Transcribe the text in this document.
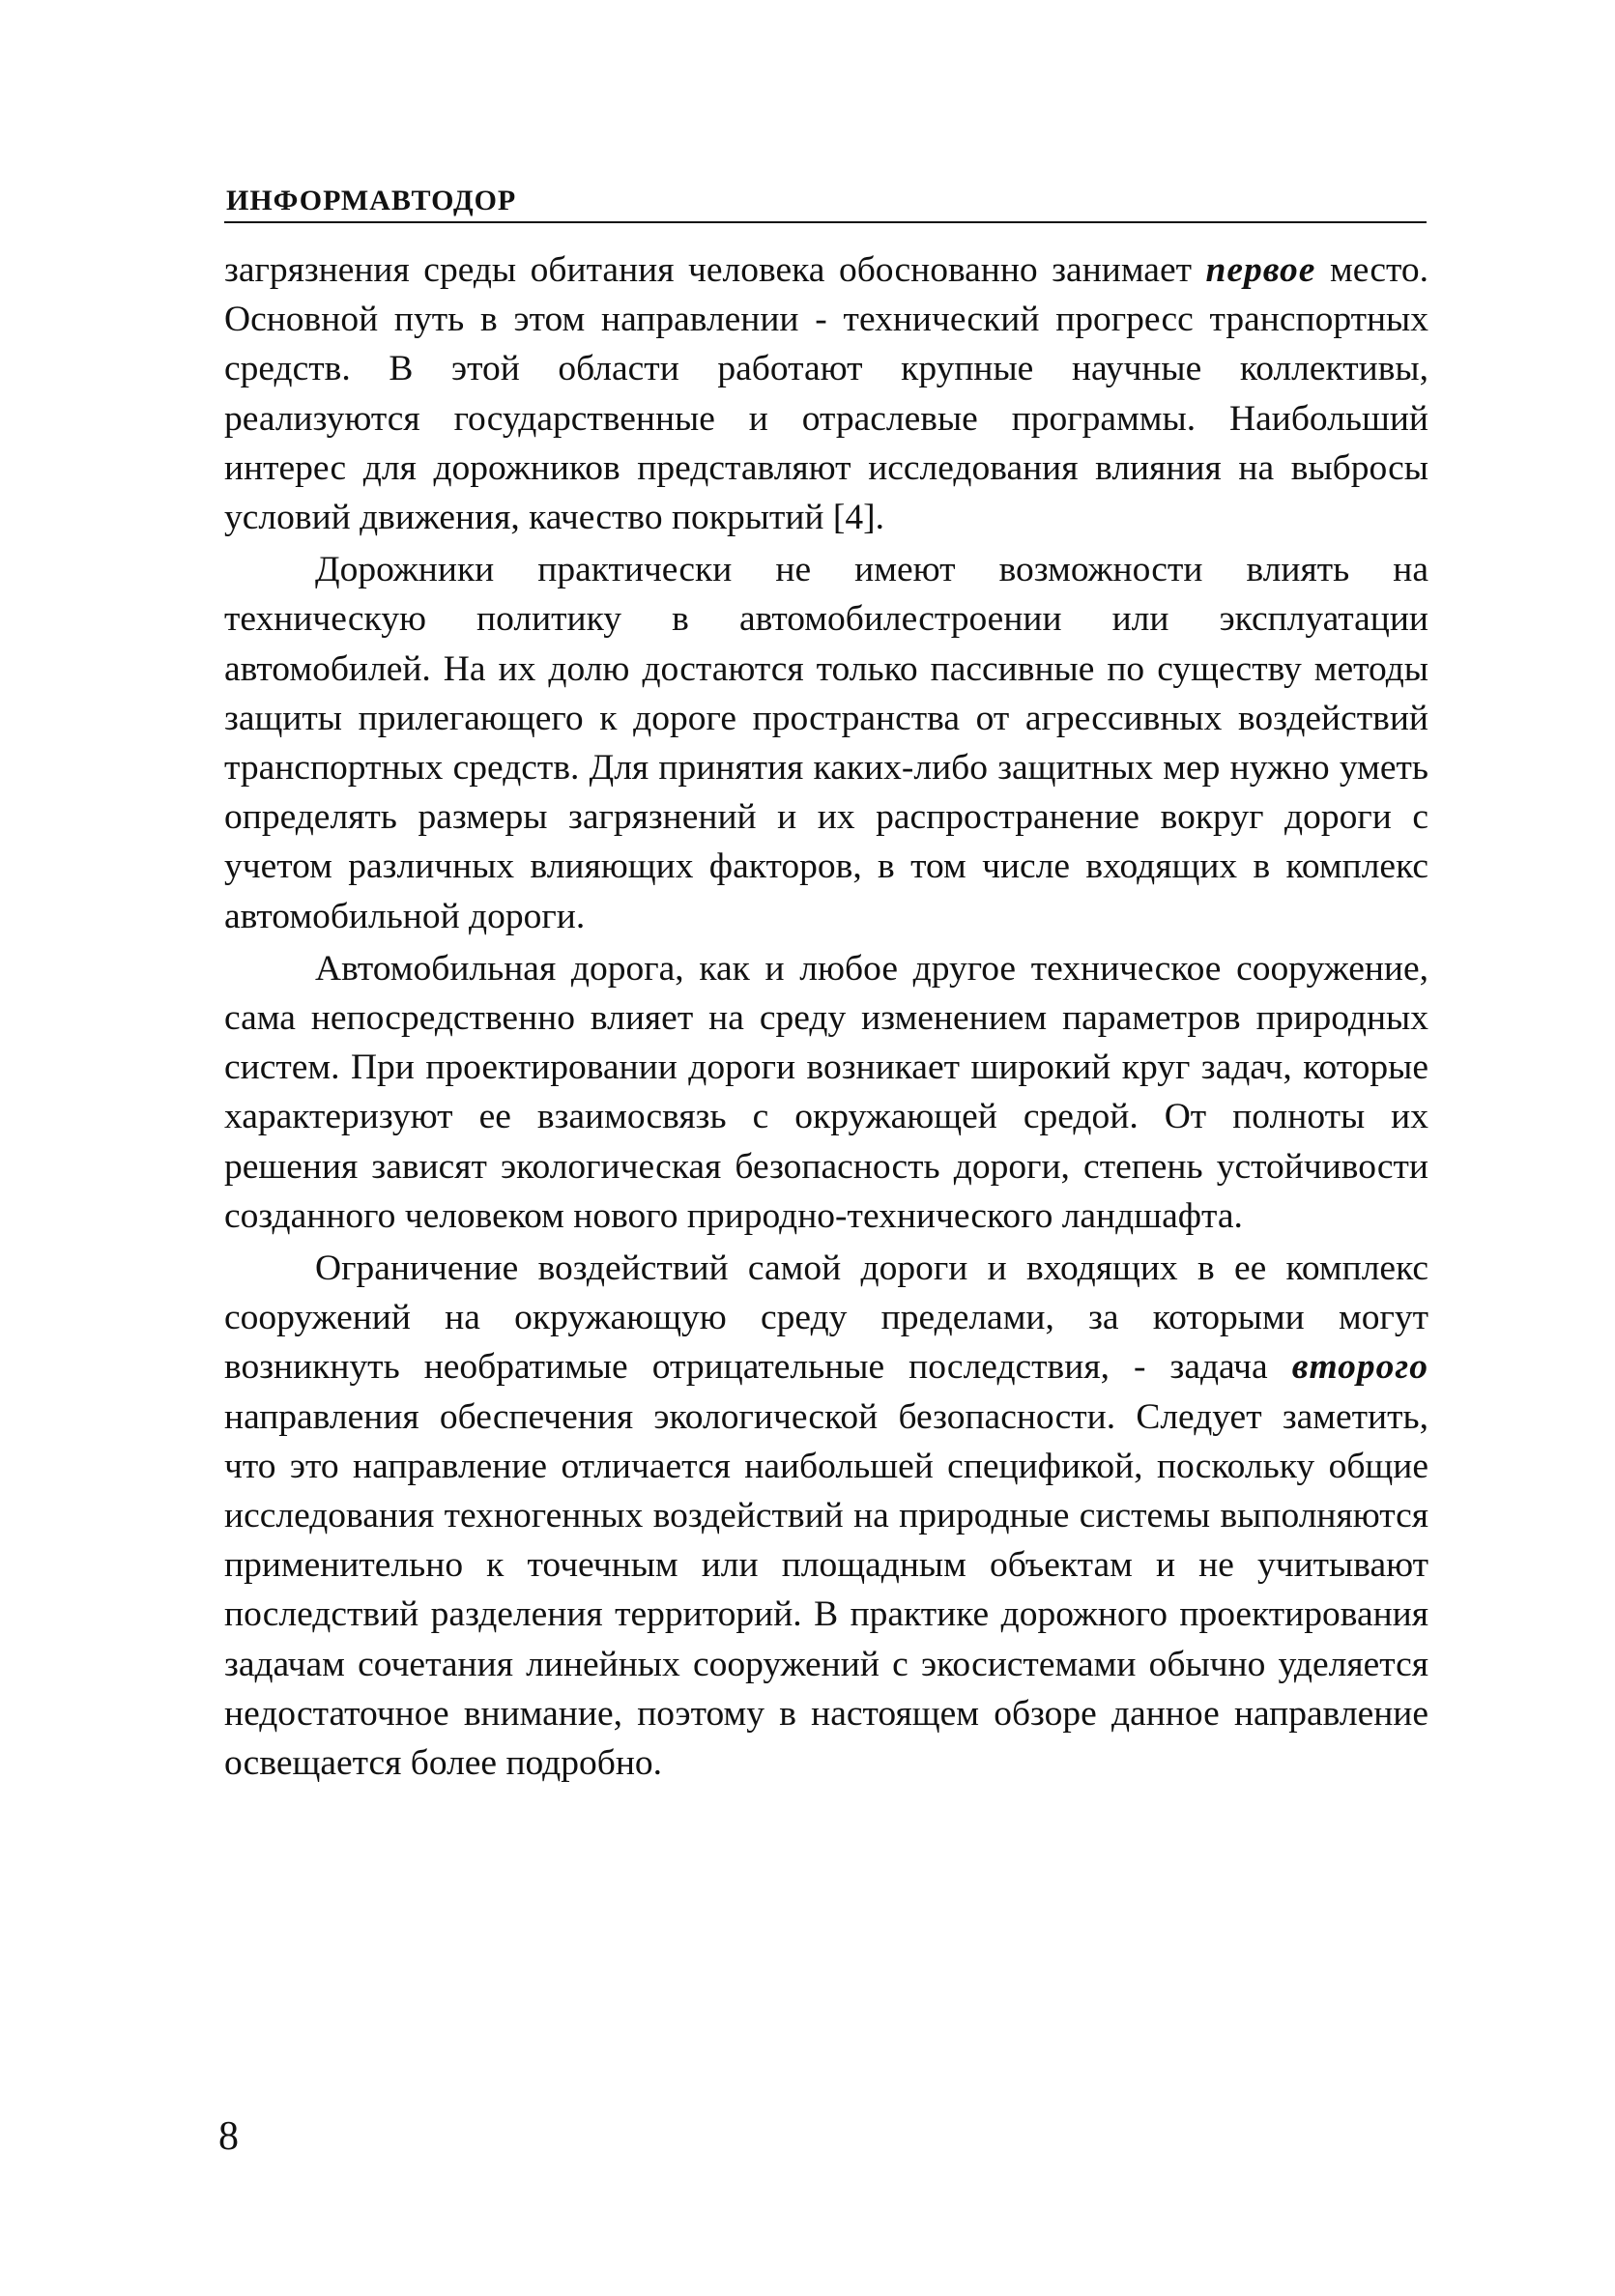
ИНФОРМАВТОДОР

загрязнения среды обитания человека обоснованно занимает первое место. Основной путь в этом направлении - технический прогресс транспортных средств. В этой области работают крупные научные коллективы, реализуются государственные и отраслевые программы. Наибольший интерес для дорожников представляют исследования влияния на выбросы условий движения, качество покрытий [4].

Дорожники практически не имеют возможности влиять на техническую политику в автомобилестроении или эксплуатации автомобилей. На их долю достаются только пассивные по существу методы защиты прилегающего к дороге пространства от агрессивных воздействий транспортных средств. Для принятия каких-либо защитных мер нужно уметь определять размеры загрязнений и их распространение вокруг дороги с учетом различных влияющих факторов, в том числе входящих в комплекс автомобильной дороги.

Автомобильная дорога, как и любое другое техническое сооружение, сама непосредственно влияет на среду изменением параметров природных систем. При проектировании дороги возникает широкий круг задач, которые характеризуют ее взаимосвязь с окружающей средой. От полноты их решения зависят экологическая безопасность дороги, степень устойчивости созданного человеком нового природно-технического ландшафта.

Ограничение воздействий самой дороги и входящих в ее комплекс сооружений на окружающую среду пределами, за которыми могут возникнуть необратимые отрицательные последствия, - задача второго направления обеспечения экологической безопасности. Следует заметить, что это направление отличается наибольшей спецификой, поскольку общие исследования техногенных воздействий на природные системы выполняются применительно к точечным или площадным объектам и не учитывают последствий разделения территорий. В практике дорожного проектирования задачам сочетания линейных сооружений с экосистемами обычно уделяется недостаточное внимание, поэтому в настоящем обзоре данное направление освещается более подробно.

8
